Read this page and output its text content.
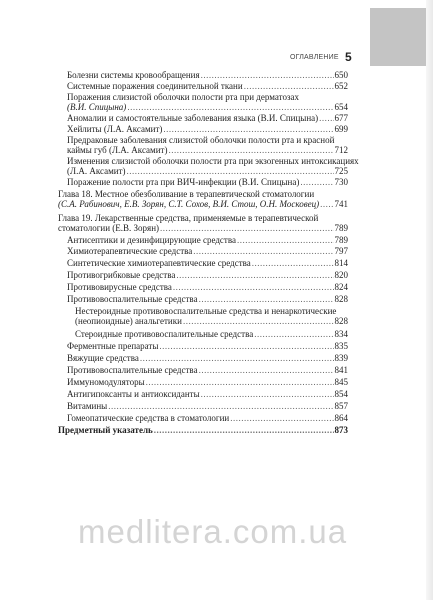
ОГЛАВЛЕНИЕ 5
Болезни системы кровообращения .....	650
Системные поражения соединительной ткани .....	652
Поражения слизистой оболочки полости рта при дерматозах
(В.И. Спицына) .....	654
Аномалии и самостоятельные заболевания языка (В.И. Спицына) ..... 677
Хейлиты (Л.А. Аксамит) .....	699
Предраковые заболевания слизистой оболочки полости рта и красной
каймы губ (Л.А. Аксамит) .....	712
Изменения слизистой оболочки полости рта при экзогенных интоксикациях
(Л.А. Аксамит) .....	725
Поражение полости рта при ВИЧ-инфекции (В.И. Спицына) .....	730
Глава 18. Местное обезболивание в терапевтической стоматологии
(С.А. Рабинович, Е.В. Зорян, С.Т. Сохов, В.И. Стош, О.Н. Московец) ..... 741
Глава 19. Лекарственные средства, применяемые в терапевтической
стоматологии (Е.В. Зорян) .....	789
Антисептики и дезинфицирующие средства .....	789
Химиотерапевтические средства .....	797
Синтетические химиотерапевтические средства .....	814
Противогрибковые средства .....	820
Противовирусные средства .....	824
Противовоспалительные средства .....	828
Нестероидные противовоспалительные средства и ненаркотические
(неопиоидные) анальгетики .....	828
Стероидные противовоспалительные средства .....	834
Ферментные препараты .....	835
Вяжущие средства .....	839
Противовоспалительные средства .....	841
Иммуномодуляторы .....	845
Антигипоксанты и антиоксиданты .....	854
Витамины .....	857
Гомеопатические средства в стоматологии .....	864
Предметный указатель .....	873
medlitera.com.ua
